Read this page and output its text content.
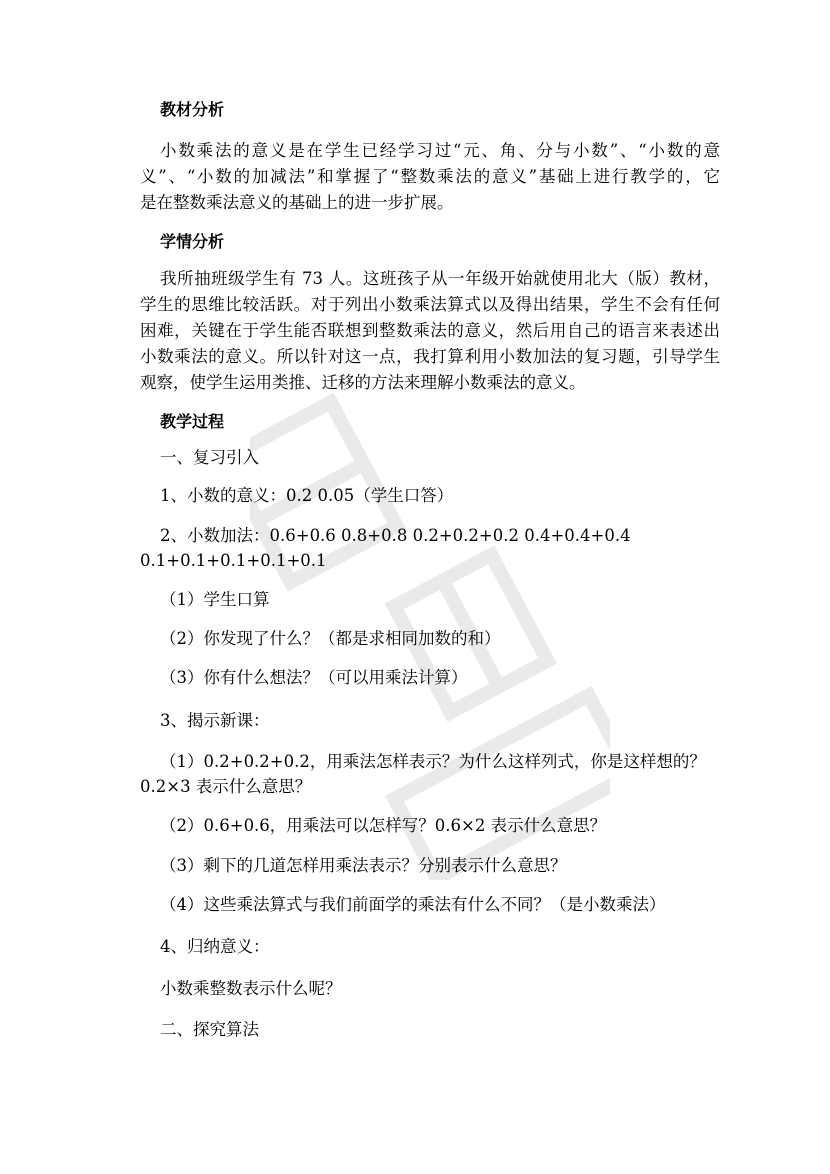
教材分析
小数乘法的意义是在学生已经学习过“元、角、分与小数”、“小数的意
义”、“小数的加减法”和掌握了“整数乘法的意义”基础上进行教学的，它
是在整数乘法意义的基础上的进一步扩展。
学情分析
我所抽班级学生有 73 人。这班孩子从一年级开始就使用北大（版）教材，
学生的思维比较活跃。对于列出小数乘法算式以及得出结果，学生不会有任何
困难，关键在于学生能否联想到整数乘法的意义，然后用自己的语言来表述出
小数乘法的意义。所以针对这一点，我打算利用小数加法的复习题，引导学生
观察，使学生运用类推、迁移的方法来理解小数乘法的意义。
教学过程
一、复习引入
1、小数的意义：0.2 0.05（学生口答）
2、小数加法：0.6+0.6 0.8+0.8 0.2+0.2+0.2 0.4+0.4+0.4
0.1+0.1+0.1+0.1+0.1
（1）学生口算
（2）你发现了什么？（都是求相同加数的和）
（3）你有什么想法？（可以用乘法计算）
3、揭示新课：
（1）0.2+0.2+0.2，用乘法怎样表示？为什么这样列式，你是这样想的？
0.2×3 表示什么意思？
（2）0.6+0.6，用乘法可以怎样写？0.6×2 表示什么意思？
（3）剩下的几道怎样用乘法表示？分别表示什么意思？
（4）这些乘法算式与我们前面学的乘法有什么不同？（是小数乘法）
4、归纳意义：
小数乘整数表示什么呢？
二、探究算法
